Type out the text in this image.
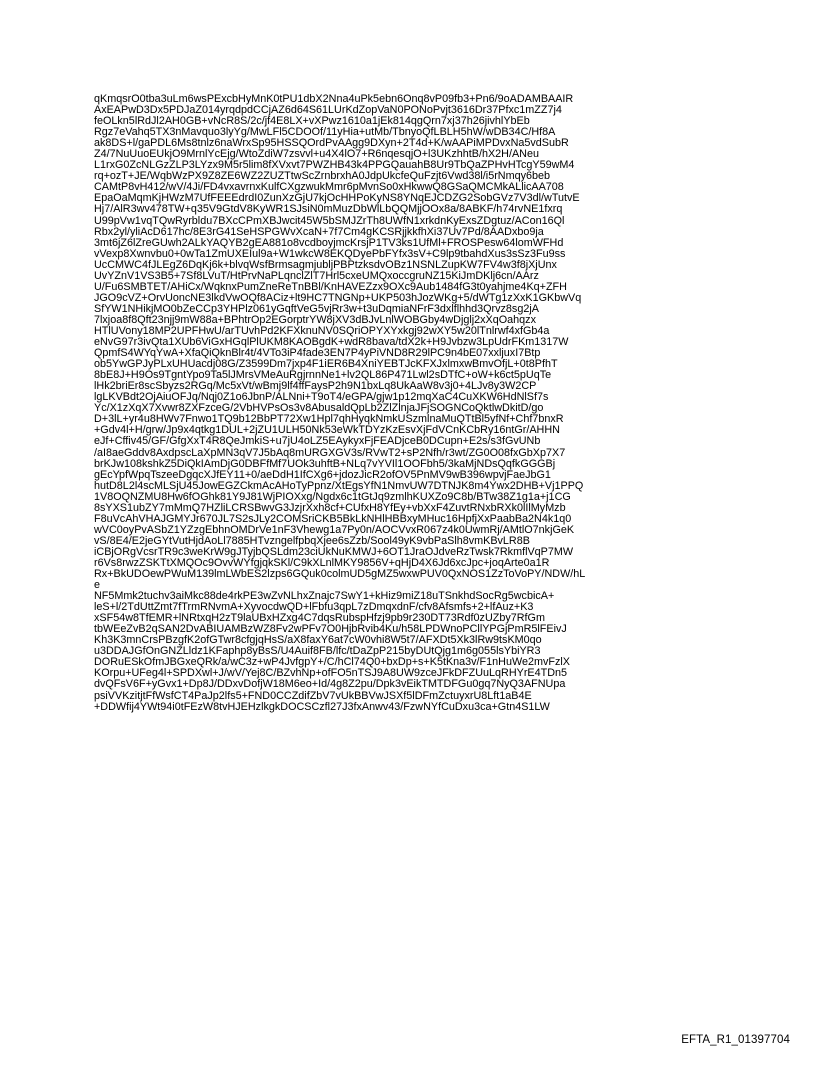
qKmqsrO0tba3uLm6wsPExcbHyMnK0tPU1dbX2Nna4uPk5ebn6Onq8vP09fb3+Pn6/9oADAMBAAIR
AxEAPwD3Dx5PDJaZ014yrqdpdCCjAZ6d64S61LUrKdZopVaN0PONoPvjt3616Dr37Pfxc1mZZ7j4
feOLkn5lRdJl2AH0GB+vNcR8S/2c/jf4E8LX+vXPwz1610a1jEk814qgQrn7xj37h26jivhlYbEb
Rgz7eVahq5TX3nMavquo3lyYg/MwLFl5CDOOf/11yHia+utMb/TbnyoQfLBLH5hW/wDB34C/Hf8A
ak8DS+l/gaPDL6Ms8tnlz6naWrxSp95HSSQOrdPvAAgg9DXyn+2T4d+K/wAAPiMPDvxNa5vdSubR
Z4/7NuUuoEUkjO9MrnlYcEjg/WtoZdiW7zsvvl+u4X4lO7+R6nqesqjO+l3UKzhhtB/hX2H/ANeu
L1rxG0ZcNLGzZLP3LYzx9M5r5lim8fXVxvt7PWZHB43k4PPGQauahB8Ur9TbQaZPHvHTcgY59wM4
rq+ozT+JE/WqbWzPX9Z8ZE6WZ2ZUZTtwScZrnbrxhA0JdpUkcfeQuFzjt6Vwd38l/i5rNmqy6beb
CAMtP8vH412/wV/4Ji/FD4vxavrnxKulfCXgzwukMmr6pMvnSo0xHkwwQ8GSaQMCMkALlicAA708
EpaOaMqmKjHWzM7UfFEEEdrdI0ZunXzGjU7kjOcHHPoKyNS8YNqEJCDZG2SobGVz7V3dl/wTutvE
Hj7/AlR3wv478TW+q35V9GtdV8KyWR1SJsiN0mMuzDbWlLbQQMjjOOx8a/8ABKF/h74rvNE1fxrq
U99pVw1vqTQwRyrbldu7BXcCPmXBJwcit45W5bSMJZrTh8UWfN1xrkdnKyExsZDgtuz/ACon16Ql
Rbx2yl/yliAcD617hc/8E3rG41SeHSPGWvXcaN+7f7Cm4gKCSRjjkkfhXi37Uv7Pd/8AADxbo9ja
3mt6jZ6lZreGUwh2ALkYAQYB2gEA881o8vcdboyjmcKrsjP1TV3ks1UfMl+FROSPesw64lomWFHd
vVexp8Xwnvbu0+0wTa1ZmUXEIul9a+W1wkcW8EKQDyePbFYfx3sV+C9lp9tbahdXus3sSz3Fu9ss
UcCMWC4fJLEgZ6DqKj6k+blvqWsfBrmsagmjubljPBPtzksdvOBz1NSNLZupKW7FV4w3f8jXjUnx
UvYZnV1VS3B5+7Sf8LVuT/HtPrvNaPLqnclZlT7Hrl5cxeUMQxoccgruNZ15KiJmDKlj6cn/AArz
U/Fu6SMBTET/AHiCx/WqknxPumZneReTnBBl/KnHAVEZzx9OXc9Aub1484fG3t0yahjme4Kq+ZFH
JGO9cVZ+OrvUoncNE3lkdVwOQf8ACiz+lt9HC7TNGNp+UKP503hJozWKg+5/dWTg1zXxK1GKbwVq
SfYW1NHikjMO0bZeCCp3YHPlz061yGqftVeG5vjRr3w+t3uDqmiaNFrF3dxlflhhd3Qrvz8sg2jA
7lxjoa8f8Qft23njj9mW88a+BPhtrOp2EGorptrYW8jXV3dBJvLnlWOBGby4wDjglj2xXqOahqzx
HTlUVony18MP2UPFHwU/arTUvhPd2KFXknuNV0SQriOPYXYxkgj92wXY5w20lTnlrwf4xfGb4a
eNvG97r3ivQta1XUb6ViGxHGqlPlUKM8KAOBgdK+wdR8bava/tdX2k+H9Jvbzw3LpUdrFKm1317W
QpmfS4WYqYwA+XfaQiQknBlr4t/4VTo3iP4fade3EN7P4yPiVND8R29lPC9n4bE07xxljuxI7Btp
ob5YwGPJyPLxUHUacdj08G/Z3599Dm7jxp4F1iER6B4XniYEBTJcKFXJxlmxwBmvOfjL+0t8PfhT
8bE8J+H9Os9TgntYpo9Ta5lJMrsVMeAuRgjrnnNe1+lv2QL86P471Lwl2sDTfC+oW+k6ct5pUqTe
lHk2briEr8scSbyzs2RGq/Mc5xVt/wBmj9lf4ffFaysP2h9N1bxLq8UkAaW8v3j0+4LJv8y3W2CP
lgLKVBdt2OjAiuOFJq/Nqj0Z1o6JbnP/ALNni+T9oT4/eGPA/gjw1p12mqXaC4CuXKW6HdNlSf7s
Yc/X1zXqX7Xvwr8ZXFzceG/2VbHVPsOs3v8AbusaldQpLb2ZlZlnjaJFjSOGNCoQktlwDkitD/go
D+3lL+yr4u8HWv7Fnwo1TQ9b12BbPT72Xw1Hpl7qhHyqkNmkUSzmlnaMuQTtBl5yfNf+Chf7bnxR
+Gdv4l+H/grw/Jp9x4qtkg1DUL+2jZU1ULH50Nk53eWkTDYzKzEsvXjFdVCnKCbRy16ntGr/AHHN
eJf+Cffiv45/GF/GfgXxT4R8QeJmkiS+u7jU4oLZ5EAykyxFjFEADjceB0DCupn+E2s/s3fGvUNb
/aI8aeGddv8AxdpscLaXpMN3qV7J5bAq8mURGXGV3s/RVwT2+sP2Nfh/r3wt/ZG0O08fxGbXp7X7
brKJw108kshkZ5DiQkIAmDjG0DBFfMf7UOk3uhftB+NLq7vYVIl1OOFbh5/3kaMjNDsQqfkGGGBj
gEcYpfWpqTszeeDgqcXJfEY11+0/aeDdH1IfCXg6+jdozJicR2ofOV5PnMV9wB396wpvjFaeJbG1
hutD8L2l4scMLSjU45JowEGZCkmAcAHoTyPpnz/XtEgsYfN1NmvUW7DTNJK8m4Ywx2DHB+Vj1PPQ
1V8OQNZMU8Hw6fOGhk81Y9J81WjPIOXxg/Ngdx6c1tGtJq9zmlhKUXZo9C8b/BTw38Z1g1a+j1CG
8sYXS1ubZY7mMmQ7HZliLCRSBwvG3JzjrXxh8cf+CUfxH8YfEy+vbXxF4ZuvtRNxbRXk0lIlMyMzb
F8uVcAhVHAJGMYJr670JL7S2sJLy2COMSriCKB5BkLkNHlHBBxyMHuc16HpfjXxPaabBa2N4k1q0
wVC0oyPvASbZ1YZzgEbhnOMDrVe1nF3Vhewg1a7Py0n/AOCVvxR067z4k0UwmRj/AMtlO7nkjGeK
vS/8E4/E2jeGYtVutHjdAoLl7885HTvzngelfpbqXjee6sZzb/Sool49yK9vbPaSlh8vmKBvLR8B
iCBjORgVcsrTR9c3weKrW9gJTyjbQSLdm23ciUkNuKMWJ+6OT1JraOJdveRzTwsk7RkmflVqP7MW
r6Vs8rwzZSKTtXMQOc9OvvWYfgjqkSKl/C9kXLnlMKY9856V+qHjD4X6Jd6xcJpc+joqArte0a1R
Rx+BkUDOewPWuM139lmLWbES2lzps6GQuk0colmUD5gMZ5wxwPUV0QxNOS1ZzToVoPY/NDW/hL
e
NF5Mmk2tuchv3aiMkc88de4rkPE3wZvNLhxZnajc7SwY1+kHiz9miZ18uTSnkhdSocRg5wcbicA+
leS+l/2TdUttZmt7fTrmRNvmA+XyvocdwQD+lFbfu3qpL7zDmqxdnF/cfv8Afsmfs+2+lfAuz+K3
xSF54w8TfEMR+lNRtxqH2zT9laUBxHZxg4C7dqsRubspHfzj9pb9r230DT73Rdf0zUZby7RfGm
tbWEeZvB2qSAN2DvABIUAMBzWZ8Fv2wPFv7O0HjbRvib4Ku/h58LPDWnoPCllYPGjPmR5lFEivJ
Kh3K3mnCrsPBzgfK2ofGTwr8cfgjqHsS/aX8faxY6at7cW0vhi8W5t7/AFXDt5Xk3lRw9tsKM0qo
u3DDAJGfOnGNZLldz1KFaphp8yBsS/U4Auif8FB/lfc/tDaZpP215byDUtQjg1m6g055lsYbiYR3
DORuESkOfmJBGxeQRk/a/wC3z+wP4JvfgpY+/C/hCl74Q0+bxDp+s+K5tKna3v/F1nHuWe2mvFzlX
KOrpu+UFeg4l+SPDXwl+J/wV/Yej8C/BZvhNp+ofFO5nTSJ9A8UW9zceJFkDFZUuLqRHYrE4TDn5
dvQFsV6F+yGvx1+Dp8J/DDxvDofjW18M6eo+Id/4g8Z2pu/Dpk3vEikTMTDFGu0gq7NyQ3AFNUpa
psiVVKzitjtFfWsfCT4PaJp2lfs5+FND0CCZdifZbV7vUkBBVwJSXf5lDFmZctuyxrU8Lft1aB4E
+DDWfij4YWt94i0tFEzW8tvHJEHzlkgkDOCSCzfl27J3fxAnwv43/FzwNYfCuDxu3ca+Gtn4S1LW
EFTA_R1_01397704
